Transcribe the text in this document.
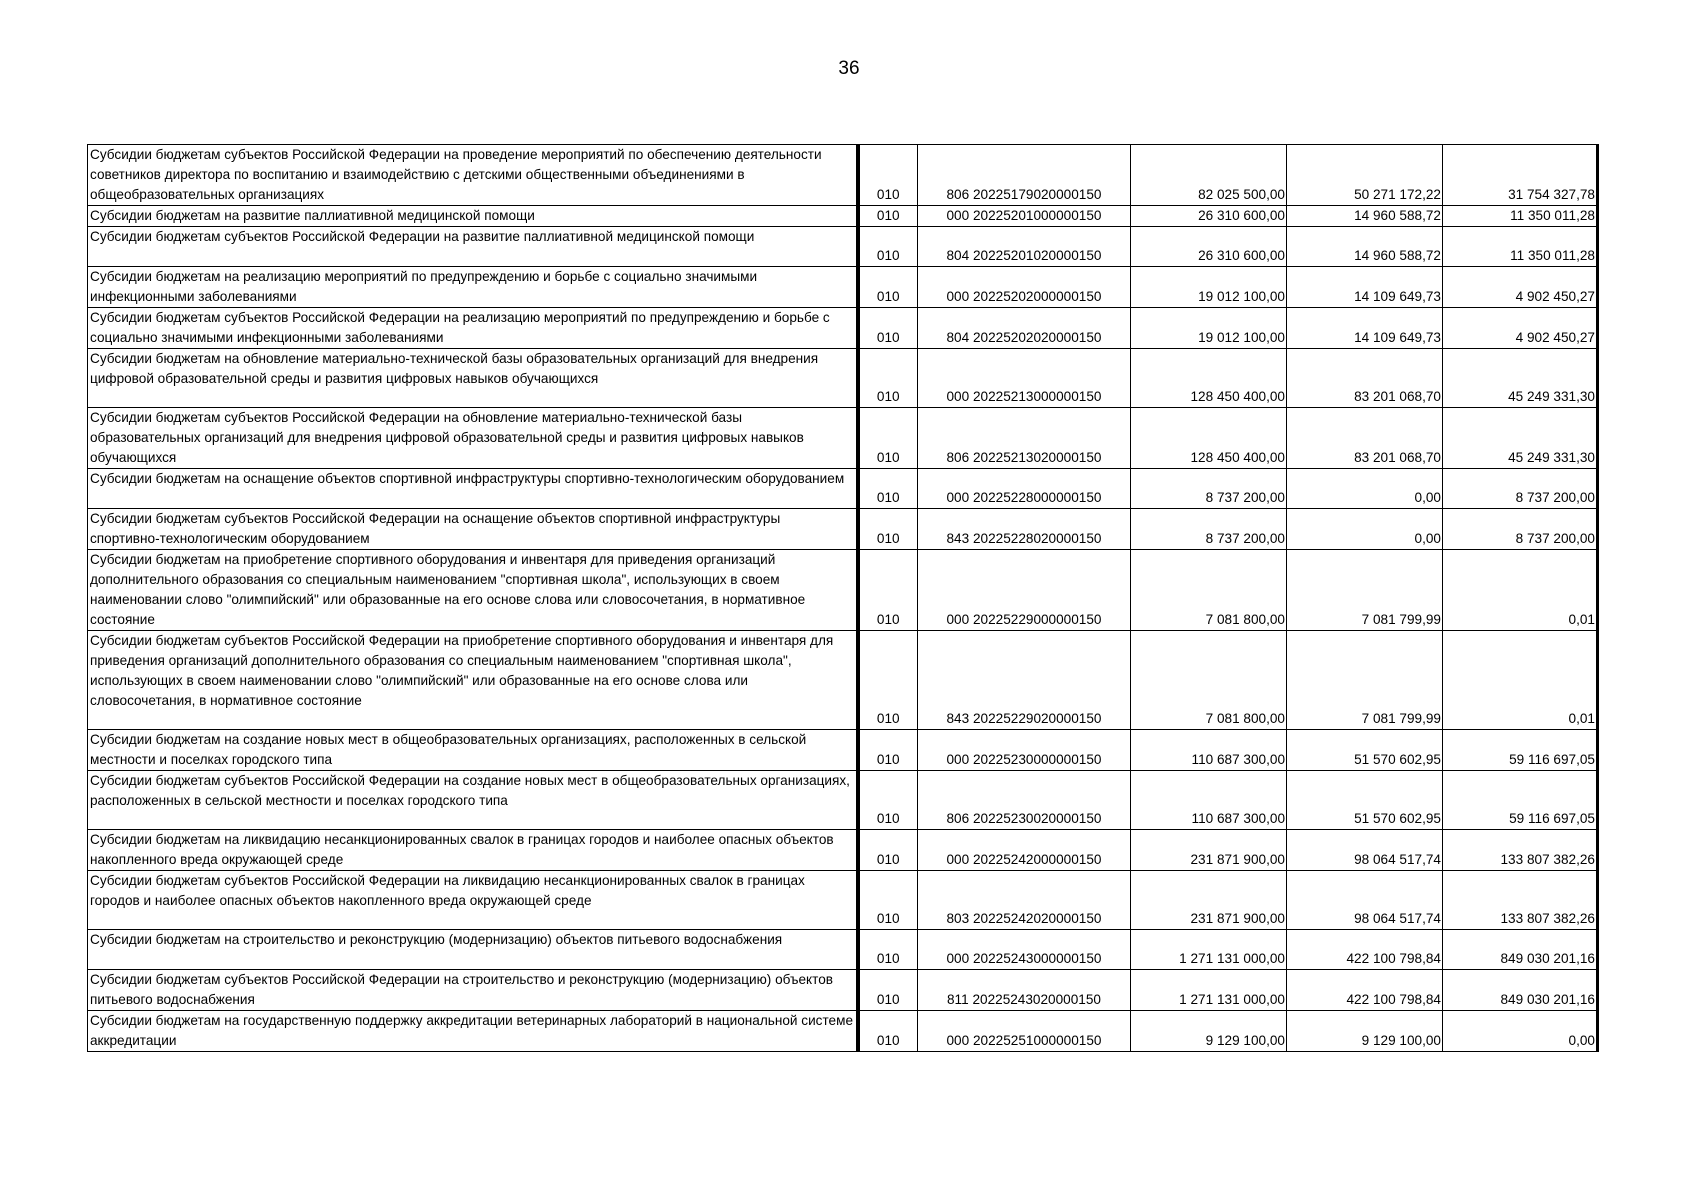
36
Субсидии бюджетам субъектов Российской Федерации на проведение мероприятий по обеспечению деятельности советников директора по воспитанию и взаимодействию с детскими общественными объединениями в общеобразовательных организациях	010	806 20225179020000150	82 025 500,00	50 271 172,22	31 754 327,78
Субсидии бюджетам на развитие паллиативной медицинской помощи	010	000 20225201000000150	26 310 600,00	14 960 588,72	11 350 011,28
Субсидии бюджетам субъектов Российской Федерации на развитие паллиативной медицинской помощи	010	804 20225201020000150	26 310 600,00	14 960 588,72	11 350 011,28
Субсидии бюджетам на реализацию мероприятий по предупреждению и борьбе с социально значимыми инфекционными заболеваниями	010	000 20225202000000150	19 012 100,00	14 109 649,73	4 902 450,27
Субсидии бюджетам субъектов Российской Федерации на реализацию мероприятий по предупреждению и борьбе с социально значимыми инфекционными заболеваниями	010	804 20225202020000150	19 012 100,00	14 109 649,73	4 902 450,27
Субсидии бюджетам на обновление материально-технической базы образовательных организаций для внедрения цифровой образовательной среды и развития цифровых навыков обучающихся	010	000 20225213000000150	128 450 400,00	83 201 068,70	45 249 331,30
Субсидии бюджетам субъектов Российской Федерации на обновление материально-технической базы образовательных организаций для внедрения цифровой образовательной среды и развития цифровых навыков обучающихся	010	806 20225213020000150	128 450 400,00	83 201 068,70	45 249 331,30
Субсидии бюджетам на оснащение объектов спортивной инфраструктуры спортивно-технологическим оборудованием	010	000 20225228000000150	8 737 200,00	0,00	8 737 200,00
Субсидии бюджетам субъектов Российской Федерации на оснащение объектов спортивной инфраструктуры спортивно-технологическим оборудованием	010	843 20225228020000150	8 737 200,00	0,00	8 737 200,00
Субсидии бюджетам на приобретение спортивного оборудования и инвентаря для приведения организаций дополнительного образования со специальным наименованием "спортивная школа", использующих в своем наименовании слово "олимпийский" или образованные на его основе слова или словосочетания, в нормативное состояние	010	000 20225229000000150	7 081 800,00	7 081 799,99	0,01
Субсидии бюджетам субъектов Российской Федерации на приобретение спортивного оборудования и инвентаря для приведения организаций дополнительного образования со специальным наименованием "спортивная школа", использующих в своем наименовании слово "олимпийский" или образованные на его основе слова или словосочетания, в нормативное состояние	010	843 20225229020000150	7 081 800,00	7 081 799,99	0,01
Субсидии бюджетам на создание новых мест в общеобразовательных организациях, расположенных в сельской местности и поселках городского типа	010	000 20225230000000150	110 687 300,00	51 570 602,95	59 116 697,05
Субсидии бюджетам субъектов Российской Федерации на создание новых мест в общеобразовательных организациях, расположенных в сельской местности и поселках городского типа	010	806 20225230020000150	110 687 300,00	51 570 602,95	59 116 697,05
Субсидии бюджетам на ликвидацию несанкционированных свалок в границах городов и наиболее опасных объектов накопленного вреда окружающей среде	010	000 20225242000000150	231 871 900,00	98 064 517,74	133 807 382,26
Субсидии бюджетам субъектов Российской Федерации на ликвидацию несанкционированных свалок в границах городов и наиболее опасных объектов накопленного вреда окружающей среде	010	803 20225242020000150	231 871 900,00	98 064 517,74	133 807 382,26
Субсидии бюджетам на строительство и реконструкцию (модернизацию) объектов питьевого водоснабжения	010	000 20225243000000150	1 271 131 000,00	422 100 798,84	849 030 201,16
Субсидии бюджетам субъектов Российской Федерации на строительство и реконструкцию (модернизацию) объектов питьевого водоснабжения	010	811 20225243020000150	1 271 131 000,00	422 100 798,84	849 030 201,16
Субсидии бюджетам на государственную поддержку аккредитации ветеринарных лабораторий в национальной системе аккредитации	010	000 20225251000000150	9 129 100,00	9 129 100,00	0,00
